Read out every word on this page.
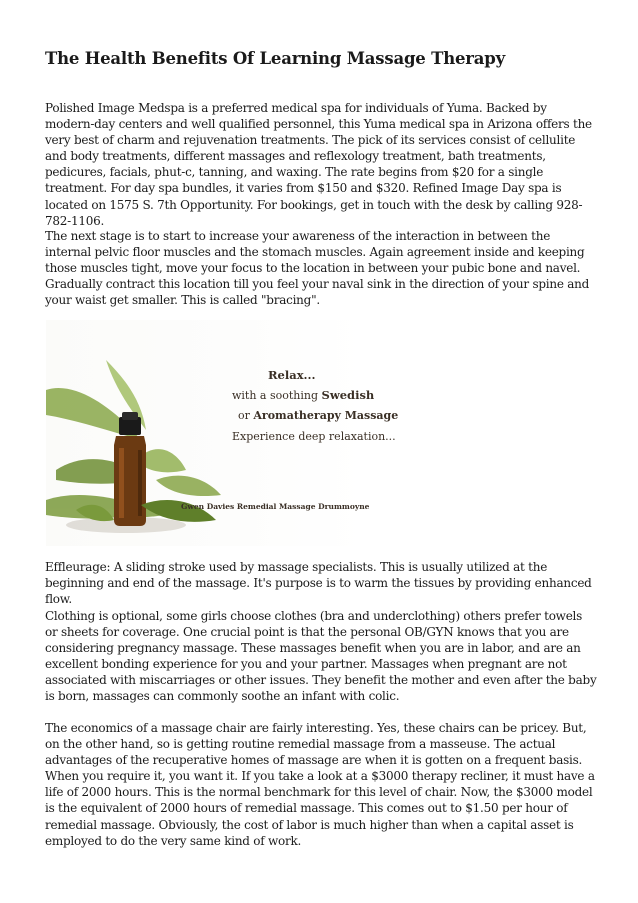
The Health Benefits Of Learning Massage Therapy

Polished Image Medspa is a preferred medical spa for individuals of Yuma. Backed by modern-day centers and well qualified personnel, this Yuma medical spa in Arizona offers the very best of charm and rejuvenation treatments. The pick of its services consist of cellulite and body treatments, different massages and reflexology treatment, bath treatments, pedicures, facials, phut-c, tanning, and waxing. The rate begins from $20 for a single treatment. For day spa bundles, it varies from $150 and $320. Refined Image Day spa is located on 1575 S. 7th Opportunity. For bookings, get in touch with the desk by calling 928-782-1106.

The next stage is to start to increase your awareness of the interaction in between the internal pelvic floor muscles and the stomach muscles. Again agreement inside and keeping those muscles tight, move your focus to the location in between your pubic bone and navel. Gradually contract this location till you feel your naval sink in the direction of your spine and your waist get smaller. This is called "bracing".

Relax...
with a soothing Swedish
or Aromatherapy Massage
Experience deep relaxation...
Gwen Davies Remedial Massage Drummoyne

Effleurage: A sliding stroke used by massage specialists. This is usually utilized at the beginning and end of the massage. It's purpose is to warm the tissues by providing enhanced flow.

Clothing is optional, some girls choose clothes (bra and underclothing) others prefer towels or sheets for coverage. One crucial point is that the personal OB/GYN knows that you are considering pregnancy massage. These massages benefit when you are in labor, and are an excellent bonding experience for you and your partner. Massages when pregnant are not associated with miscarriages or other issues. They benefit the mother and even after the baby is born, massages can commonly soothe an infant with colic.

The economics of a massage chair are fairly interesting. Yes, these chairs can be pricey. But, on the other hand, so is getting routine remedial massage from a masseuse. The actual advantages of the recuperative homes of massage are when it is gotten on a frequent basis. When you require it, you want it. If you take a look at a $3000 therapy recliner, it must have a life of 2000 hours. This is the normal benchmark for this level of chair. Now, the $3000 model is the equivalent of 2000 hours of remedial massage. This comes out to $1.50 per hour of remedial massage. Obviously, the cost of labor is much higher than when a capital asset is employed to do the very same kind of work.
